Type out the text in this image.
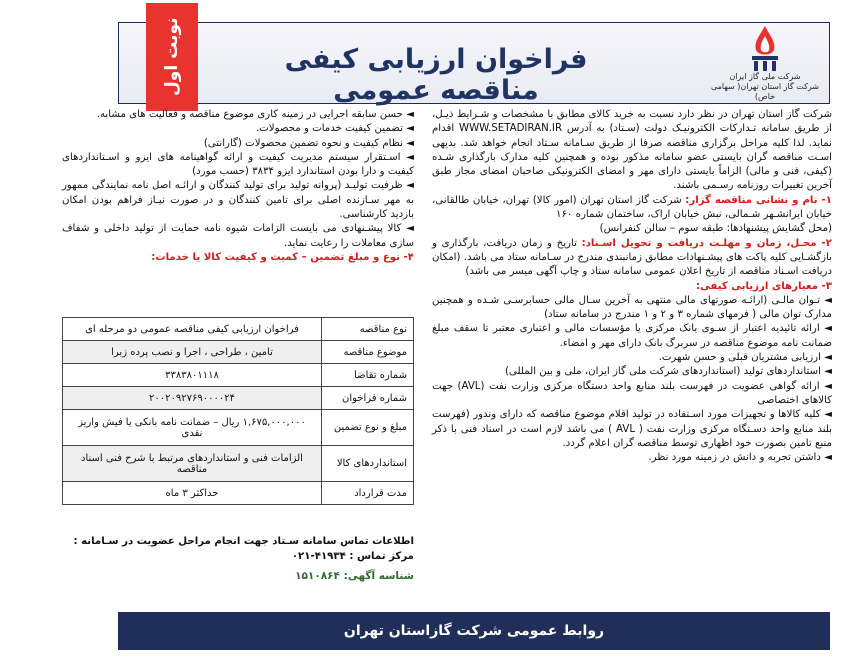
نوبت اول	فراخوان ارزیابی کیفی مناقصه عمومی	شرکت ملی گاز ایران
شرکت گاز استان تهران( سهامی خاص)
شرکت گاز استان تهران در نظر دارد نسبت به خرید کالای مطابق با مشخصات و شـرایط ذیـل، از طریق سامانه تـدارکات الکترونیـک دولت (سـتاد) به آدرس WWW.SETADIRAN.IR اقدام نماید. لذا کلیه مراحل برگزاری مناقصه صرفا از طریق سـامانه سـتاد انجام خواهد شد. بدیهی اسـت مناقصه گران بایستی عضو سامانه مذکور بوده و همچنین کلیه مدارک بارگذاری شـده (کیفی، فنی و مالی) الزاماً بایستی دارای مهر و امضای الکترونیکی صاحبان امضای مجاز طبق آخرین تغییرات روزنامه رسـمی باشند.
۱- نام و نشانی مناقصه گزار: شرکت گاز استان تهران (امور کالا) تهران، خیابان طالقانی، خیابان ایرانشـهر شـمالی، نبش خیابان اراک، ساختمان شماره ۱۶۰
(محل گشایش پیشنهادها: طبقه سوم – سالن کنفرانس)
۲- محـل، زمان و مهلـت دریافت و تحویل اسـناد: تاریخ و زمان دریافت، بارگذاری و بازگشـایی کلیه پاکت های پیشـنهادات مطابق زمانبندی مندرج در سـامانه ستاد می باشد. (امکان دریافت اسـناد مناقصه از تاریخ اعلان عمومی سامانه ستاد و چاپ آگهی میسر می باشد)
۳- معیارهای ارزیابی کیفی:
◄ تـوان مالـی (ارائـه صورتهای مالی منتهی به آخرین سـال مالی حسابرسـی شـده و همچنین مدارک توان مالی ( فرمهای شماره ۳ و ۲ و ۱ مندرج در سامانه ستاد)
◄ ارائه تائیدیه اعتبار از سـوی بانک مرکزی یا مؤسسات مالی و اعتباری معتبر تا سقف مبلغ ضمانت نامه موضوع مناقصه در سربرگ بانک دارای مهر و امضاء.
◄ ارزیابی مشتریان قبلی و حسن شهرت.
◄ استانداردهای تولید (استانداردهای شرکت ملی گاز ایران، ملی و بین المللی)
◄ ارائه گواهی عضویت در فهرست بلند منابع واحد دستگاه مرکزی وزارت نفت (AVL) جهت کالاهای اختصاصی
◄ کلیه کالاها و تجهیزات مورد اسـتفاده در تولید اقلام موضوع مناقصه که دارای وندور (فهرست بلند منابع واحد دسـتگاه مرکزی وزارت نفت ( AVL ) می باشد لازم است در اسناد فنی با ذکر منبع تامین بصورت خود اظهاری توسط مناقصه گران اعلام گردد.
◄ داشتن تجربه و دانش در زمینه مورد نظر.
◄ حسن سابقه اجرایی در زمینه کاری موضوع مناقصه و فعالیت های مشابه.
◄ تضمین کیفیت خدمات و محصولات.
◄ نظام کیفیت و نحوه تضمین محصولات (گارانتی)
◄ اسـتقرار سیستم مدیریت کیفیت و ارائه گواهینامه های ایزو و اسـتانداردهای کیفیت و دارا بودن استاندارد ایزو ۳۸۳۴ (حسب مورد)
◄ ظرفیت تولیـد (پروانه تولید برای تولید کنندگان و ارائـه اصل نامه نمایندگی ممهور به مهر سـازنده اصلی برای تامین کنندگان و در صورت نیـاز فراهم بودن امکان بازدید کارشناسی.
◄ کالا پیشـنهادی می بایست الزامات شیوه نامه حمایت از تولید داخلی و شفاف سازی معاملات را رعایت نماید.
۴- نوع و مبلغ تضمین – کمیت و کیفیت کالا یا خدمات:
نوع مناقصه	فراخوان ارزیابی کیفی مناقصه عمومی دو مرحله ای
موضوع مناقصه	تامین ، طراحی ، اجرا و نصب پرده زبرا
شماره تقاضا	۳۳۸۳۸۰۱۱۱۸
شماره فراخوان	۲۰۰۲۰۹۲۷۶۹۰۰۰۰۲۴
مبلغ و نوع تضمین	۱,۶۷۵,۰۰۰,۰۰۰ ریال – ضمانت نامه بانکی یا فیش واریز نقدی
استانداردهای کالا	الزامات فنی و استانداردهای مرتبط با شرح فنی اسناد مناقصه
مدت قرارداد	حداکثر ۳ ماه
اطلاعات تماس سامانه سـتاد جهت انجام مراحل عضویت در سـامانه : مرکز تماس : ۴۱۹۳۴-۰۲۱
شناسه آگهی: ۱۵۱۰۸۶۴
روابط عمومی شرکت گازاستان تهران
